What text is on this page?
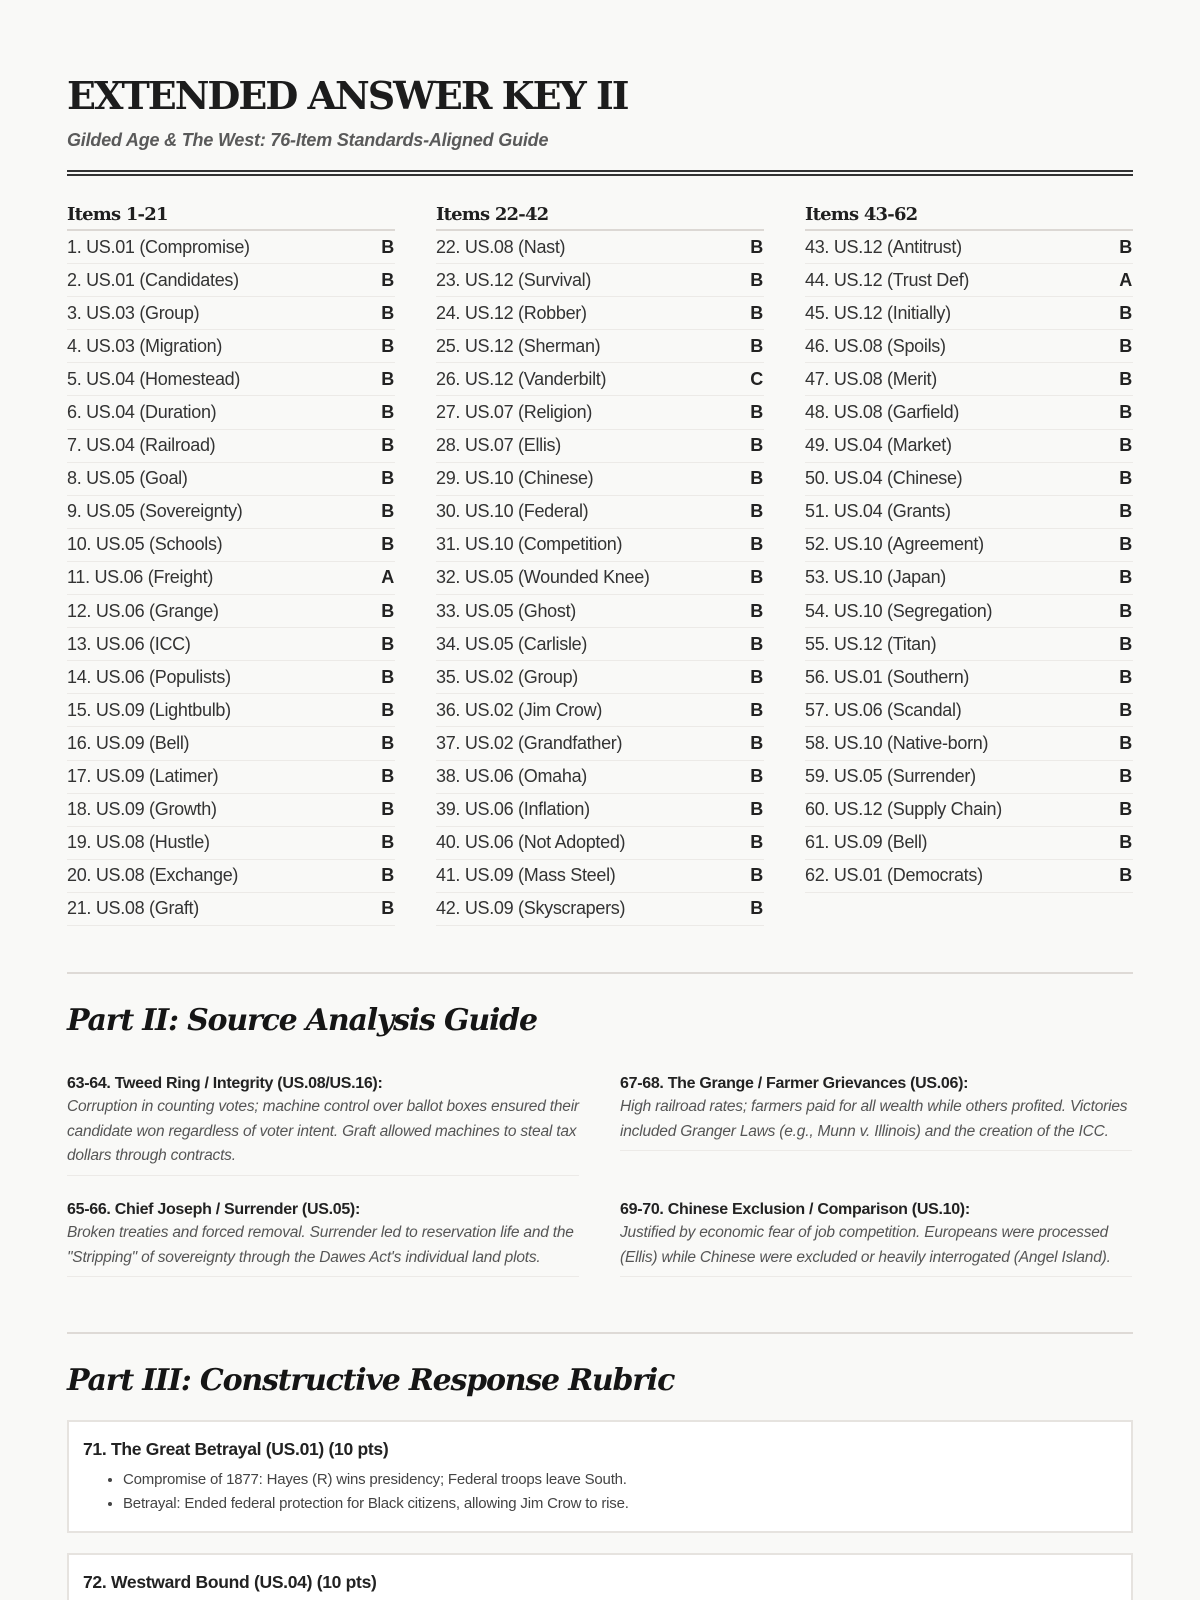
EXTENDED ANSWER KEY II
Gilded Age & The West: 76-Item Standards-Aligned Guide
Items 1-21
1. US.01 (Compromise)	B
2. US.01 (Candidates)	B
3. US.03 (Group)	B
4. US.03 (Migration)	B
5. US.04 (Homestead)	B
6. US.04 (Duration)	B
7. US.04 (Railroad)	B
8. US.05 (Goal)	B
9. US.05 (Sovereignty)	B
10. US.05 (Schools)	B
11. US.06 (Freight)	A
12. US.06 (Grange)	B
13. US.06 (ICC)	B
14. US.06 (Populists)	B
15. US.09 (Lightbulb)	B
16. US.09 (Bell)	B
17. US.09 (Latimer)	B
18. US.09 (Growth)	B
19. US.08 (Hustle)	B
20. US.08 (Exchange)	B
21. US.08 (Graft)	B
Items 22-42
22. US.08 (Nast)	B
23. US.12 (Survival)	B
24. US.12 (Robber)	B
25. US.12 (Sherman)	B
26. US.12 (Vanderbilt)	C
27. US.07 (Religion)	B
28. US.07 (Ellis)	B
29. US.10 (Chinese)	B
30. US.10 (Federal)	B
31. US.10 (Competition)	B
32. US.05 (Wounded Knee)	B
33. US.05 (Ghost)	B
34. US.05 (Carlisle)	B
35. US.02 (Group)	B
36. US.02 (Jim Crow)	B
37. US.02 (Grandfather)	B
38. US.06 (Omaha)	B
39. US.06 (Inflation)	B
40. US.06 (Not Adopted)	B
41. US.09 (Mass Steel)	B
42. US.09 (Skyscrapers)	B
Items 43-62
43. US.12 (Antitrust)	B
44. US.12 (Trust Def)	A
45. US.12 (Initially)	B
46. US.08 (Spoils)	B
47. US.08 (Merit)	B
48. US.08 (Garfield)	B
49. US.04 (Market)	B
50. US.04 (Chinese)	B
51. US.04 (Grants)	B
52. US.10 (Agreement)	B
53. US.10 (Japan)	B
54. US.10 (Segregation)	B
55. US.12 (Titan)	B
56. US.01 (Southern)	B
57. US.06 (Scandal)	B
58. US.10 (Native-born)	B
59. US.05 (Surrender)	B
60. US.12 (Supply Chain)	B
61. US.09 (Bell)	B
62. US.01 (Democrats)	B
Part II: Source Analysis Guide
63-64. Tweed Ring / Integrity (US.08/US.16):
Corruption in counting votes; machine control over ballot boxes ensured their candidate won regardless of voter intent. Graft allowed machines to steal tax dollars through contracts.
67-68. The Grange / Farmer Grievances (US.06):
High railroad rates; farmers paid for all wealth while others profited. Victories included Granger Laws (e.g., Munn v. Illinois) and the creation of the ICC.
65-66. Chief Joseph / Surrender (US.05):
Broken treaties and forced removal. Surrender led to reservation life and the "Stripping" of sovereignty through the Dawes Act's individual land plots.
69-70. Chinese Exclusion / Comparison (US.10):
Justified by economic fear of job competition. Europeans were processed (Ellis) while Chinese were excluded or heavily interrogated (Angel Island).
Part III: Constructive Response Rubric
71. The Great Betrayal (US.01) (10 pts)
• Compromise of 1877: Hayes (R) wins presidency; Federal troops leave South.
• Betrayal: Ended federal protection for Black citizens, allowing Jim Crow to rise.
72. Westward Bound (US.04) (10 pts)
